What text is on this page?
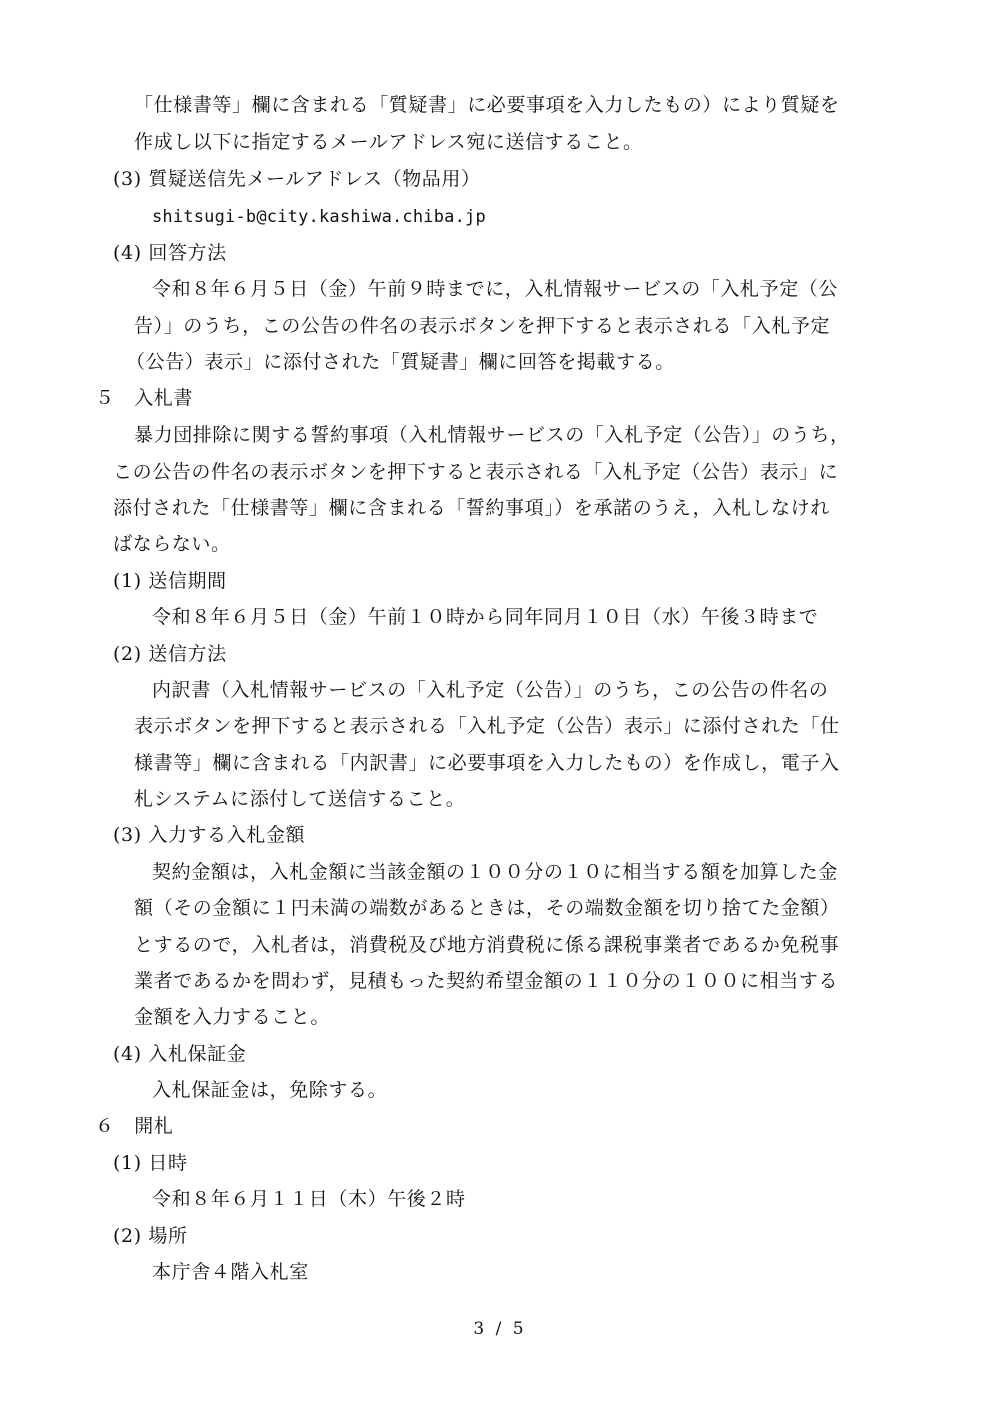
「仕様書等」欄に含まれる「質疑書」に必要事項を入力したもの）により質疑を
作成し以下に指定するメールアドレス宛に送信すること。
(3) 質疑送信先メールアドレス（物品用）
shitsugi-b@city.kashiwa.chiba.jp
(4) 回答方法
令和８年６月５日（金）午前９時までに，入札情報サービスの「入札予定（公
告）」のうち，この公告の件名の表示ボタンを押下すると表示される「入札予定
（公告）表示」に添付された「質疑書」欄に回答を掲載する。
５　入札書
暴力団排除に関する誓約事項（入札情報サービスの「入札予定（公告）」のうち，
この公告の件名の表示ボタンを押下すると表示される「入札予定（公告）表示」に
添付された「仕様書等」欄に含まれる「誓約事項」）を承諾のうえ，入札しなけれ
ばならない。
(1) 送信期間
令和８年６月５日（金）午前１０時から同年同月１０日（水）午後３時まで
(2) 送信方法
内訳書（入札情報サービスの「入札予定（公告）」のうち，この公告の件名の
表示ボタンを押下すると表示される「入札予定（公告）表示」に添付された「仕
様書等」欄に含まれる「内訳書」に必要事項を入力したもの）を作成し，電子入
札システムに添付して送信すること。
(3) 入力する入札金額
契約金額は，入札金額に当該金額の１００分の１０に相当する額を加算した金
額（その金額に１円未満の端数があるときは，その端数金額を切り捨てた金額）
とするので，入札者は，消費税及び地方消費税に係る課税事業者であるか免税事
業者であるかを問わず，見積もった契約希望金額の１１０分の１００に相当する
金額を入力すること。
(4) 入札保証金
入札保証金は，免除する。
６　開札
(1) 日時
令和８年６月１１日（木）午後２時
(2) 場所
本庁舎４階入札室
3 / 5
